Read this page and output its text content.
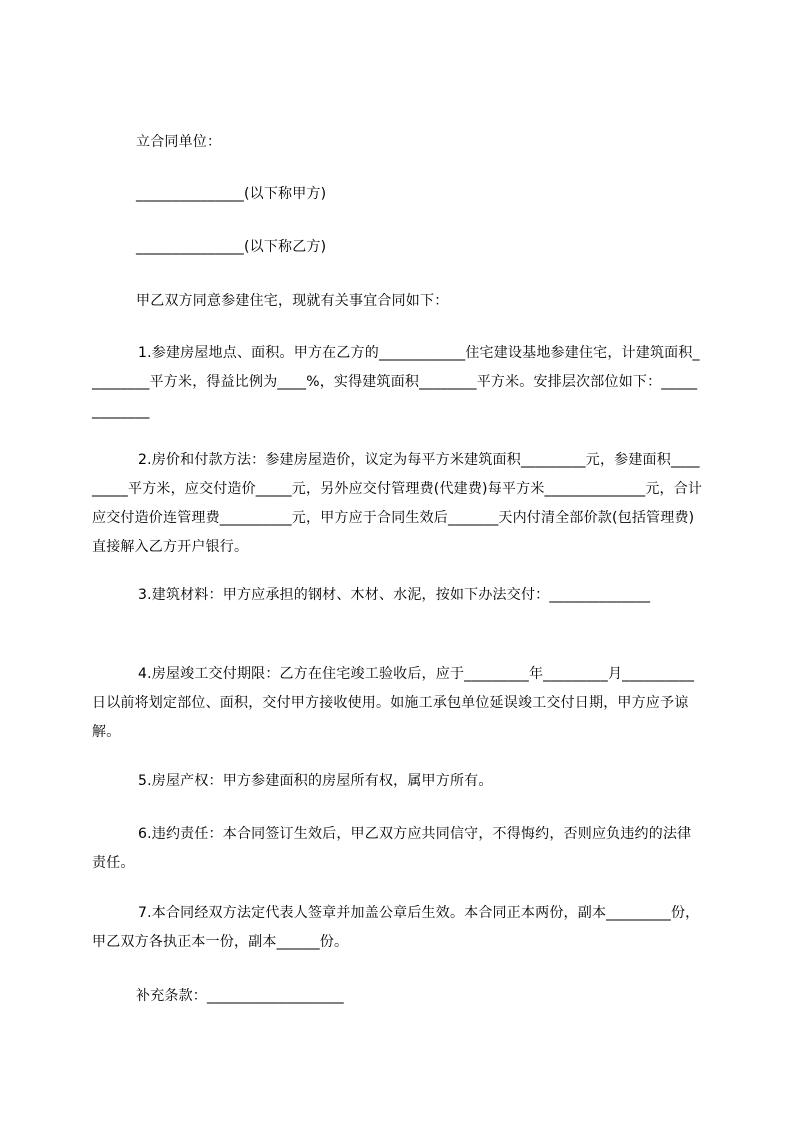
立合同单位：
_______________(以下称甲方)
_______________(以下称乙方)
甲乙双方同意参建住宅，现就有关事宜合同如下：
1.参建房屋地点、面积。甲方在乙方的____________住宅建设基地参建住宅，计建筑面积_________平方米，得益比例为____%，实得建筑面积________平方米。安排层次部位如下：_____________
2.房价和付款方法：参建房屋造价，议定为每平方米建筑面积_________元，参建面积_________平方米，应交付造价_____元，另外应交付管理费(代建费)每平方米______________元，合计应交付造价连管理费__________元，甲方应于合同生效后_______天内付清全部价款(包括管理费)直接解入乙方开户银行。
3.建筑材料：甲方应承担的钢材、木材、水泥，按如下办法交付：______________
4.房屋竣工交付期限：乙方在住宅竣工验收后，应于_________年_________月__________日以前将划定部位、面积，交付甲方接收使用。如施工承包单位延误竣工交付日期，甲方应予谅解。
5.房屋产权：甲方参建面积的房屋所有权，属甲方所有。
6.违约责任：本合同签订生效后，甲乙双方应共同信守，不得悔约，否则应负违约的法律责任。
7.本合同经双方法定代表人签章并加盖公章后生效。本合同正本两份，副本_________份，甲乙双方各执正本一份，副本______份。
补充条款：___________________
